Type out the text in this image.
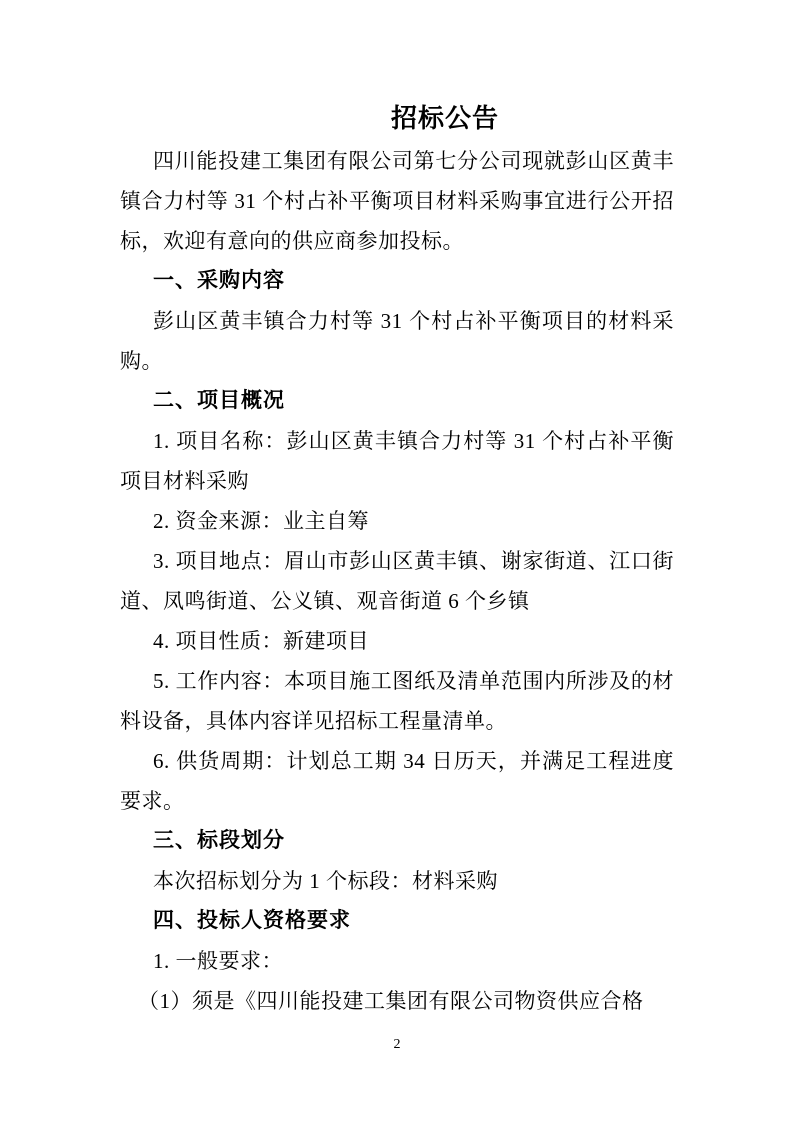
招标公告

四川能投建工集团有限公司第七分公司现就彭山区黄丰镇合力村等 31 个村占补平衡项目材料采购事宜进行公开招标，欢迎有意向的供应商参加投标。

一、采购内容

彭山区黄丰镇合力村等 31 个村占补平衡项目的材料采购。

二、项目概况

1. 项目名称：彭山区黄丰镇合力村等 31 个村占补平衡项目材料采购

2. 资金来源：业主自筹

3. 项目地点：眉山市彭山区黄丰镇、谢家街道、江口街道、凤鸣街道、公义镇、观音街道 6 个乡镇

4. 项目性质：新建项目

5. 工作内容：本项目施工图纸及清单范围内所涉及的材料设备，具体内容详见招标工程量清单。

6. 供货周期：计划总工期 34 日历天，并满足工程进度要求。

三、标段划分

本次招标划分为 1 个标段：材料采购

四、投标人资格要求

1. 一般要求：

（1）须是《四川能投建工集团有限公司物资供应合格

2
